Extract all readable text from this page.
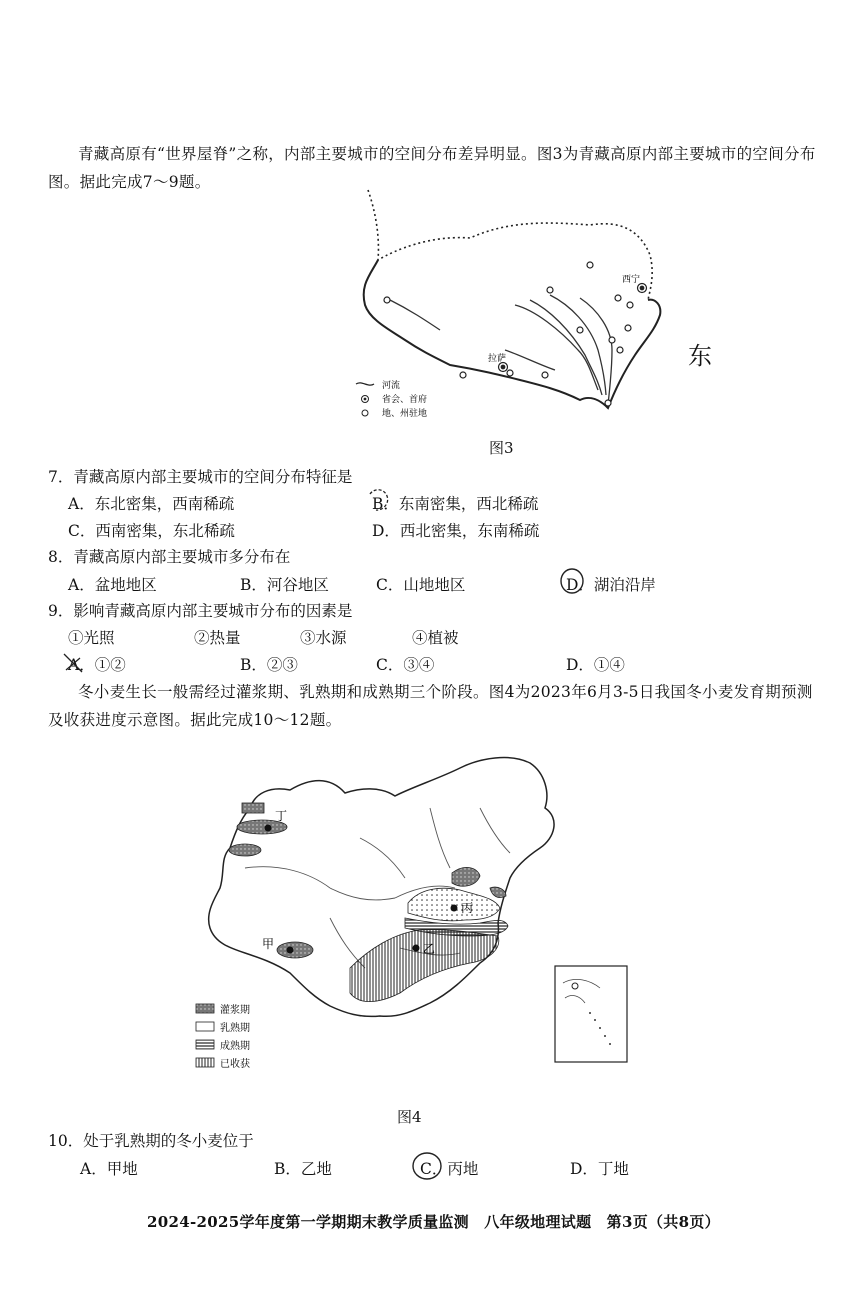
青藏高原有“世界屋脊”之称，内部主要城市的空间分布差异明显。图3为青藏高原内部主要城市的空间分布图。据此完成7～9题。
西宁
拉萨
河流
省会、首府
地、州驻地
东
图3
7．青藏高原内部主要城市的空间分布特征是
A．东北密集，西南稀疏	B．东南密集，西北稀疏
C．西南密集，东北稀疏	D．西北密集，东南稀疏
8．青藏高原内部主要城市多分布在
A．盆地地区	B．河谷地区	C．山地地区	D．湖泊沿岸
9．影响青藏高原内部主要城市分布的因素是
①光照	②热量	③水源	④植被
A．①②	B．②③	C．③④	D．①④
冬小麦生长一般需经过灌浆期、乳熟期和成熟期三个阶段。图4为2023年6月3-5日我国冬小麦发育期预测及收获进度示意图。据此完成10～12题。
丁
甲
丙
乙
灌浆期
乳熟期
成熟期
已收获
图4
10．处于乳熟期的冬小麦位于
A．甲地	B．乙地	C．丙地	D．丁地
2024-2025学年度第一学期期末教学质量监测　八年级地理试题　第3页（共8页）
